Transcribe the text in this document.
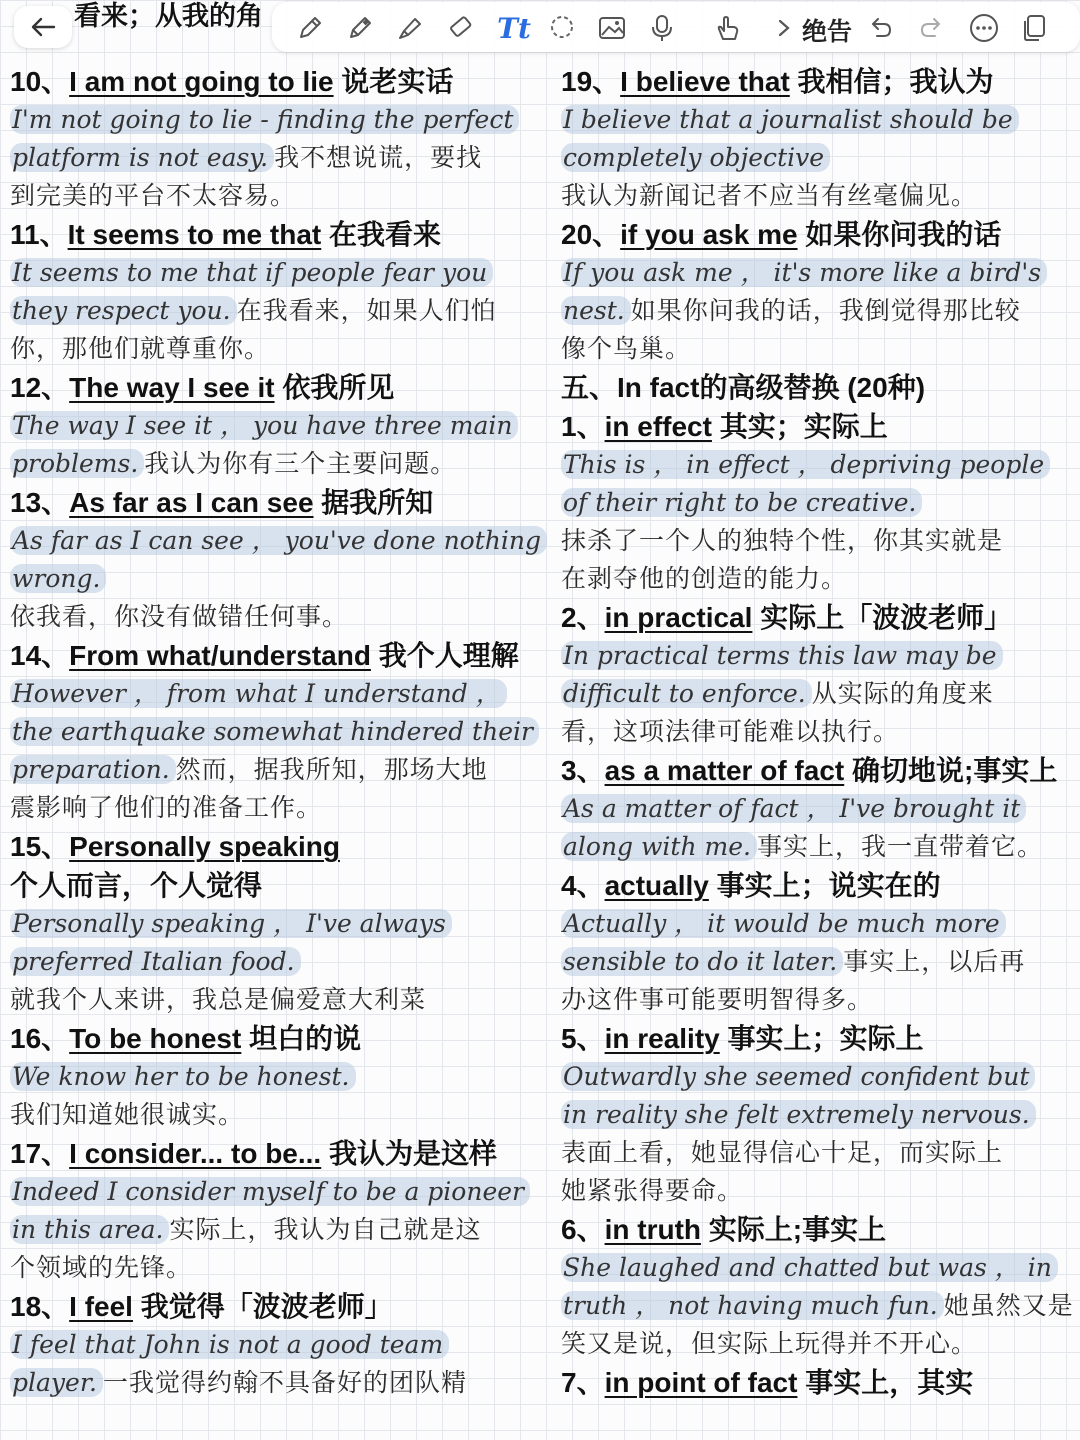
看来；从我的角	Tt	绝告
10、I am not going to lie 说老实话
I'm not going to lie - finding the perfect
platform is not easy. 我不想说谎，要找
到完美的平台不太容易。
11、It seems to me that 在我看来
It seems to me that if people fear you
they respect you. 在我看来，如果人们怕
你，那他们就尊重你。
12、The way I see it 依我所见
The way I see it ， you have three main
problems. 我认为你有三个主要问题。
13、As far as I can see 据我所知
As far as I can see ， you've done nothing
wrong.
依我看，你没有做错任何事。
14、From what/understand 我个人理解
However ， from what I understand ，
the earthquake somewhat hindered their
preparation. 然而，据我所知，那场大地
震影响了他们的准备工作。
15、Personally speaking
个人而言，个人觉得
Personally speaking ， I've always
preferred Italian food.
就我个人来讲，我总是偏爱意大利菜
16、To be honest 坦白的说
We know her to be honest.
我们知道她很诚实。
17、I consider... to be... 我认为是这样
Indeed I consider myself to be a pioneer
in this area. 实际上，我认为自己就是这
个领域的先锋。
18、I feel 我觉得「波波老师」
I feel that John is not a good team
player. 一我觉得约翰不具备好的团队精
19、I believe that 我相信；我认为
I believe that a journalist should be
completely objective
我认为新闻记者不应当有丝毫偏见。
20、if you ask me 如果你问我的话
If you ask me ， it's more like a bird's
nest. 如果你问我的话，我倒觉得那比较
像个鸟巢。
五、In fact的高级替换 (20种)
1、in effect 其实；实际上
This is ， in effect ， depriving people
of their right to be creative.
抹杀了一个人的独特个性，你其实就是
在剥夺他的创造的能力。
2、in practical 实际上「波波老师」
In practical terms this law may be
difficult to enforce. 从实际的角度来
看，这项法律可能难以执行。
3、as a matter of fact 确切地说;事实上
As a matter of fact ， I've brought it
along with me. 事实上，我一直带着它。
4、actually 事实上；说实在的
Actually ， it would be much more
sensible to do it later. 事实上，以后再
办这件事可能要明智得多。
5、in reality 事实上；实际上
Outwardly she seemed confident but
in reality she felt extremely nervous.
表面上看，她显得信心十足，而实际上
她紧张得要命。
6、in truth 实际上;事实上
She laughed and chatted but was ， in
truth ， not having much fun. 她虽然又是
笑又是说，但实际上玩得并不开心。
7、in point of fact 事实上，其实
